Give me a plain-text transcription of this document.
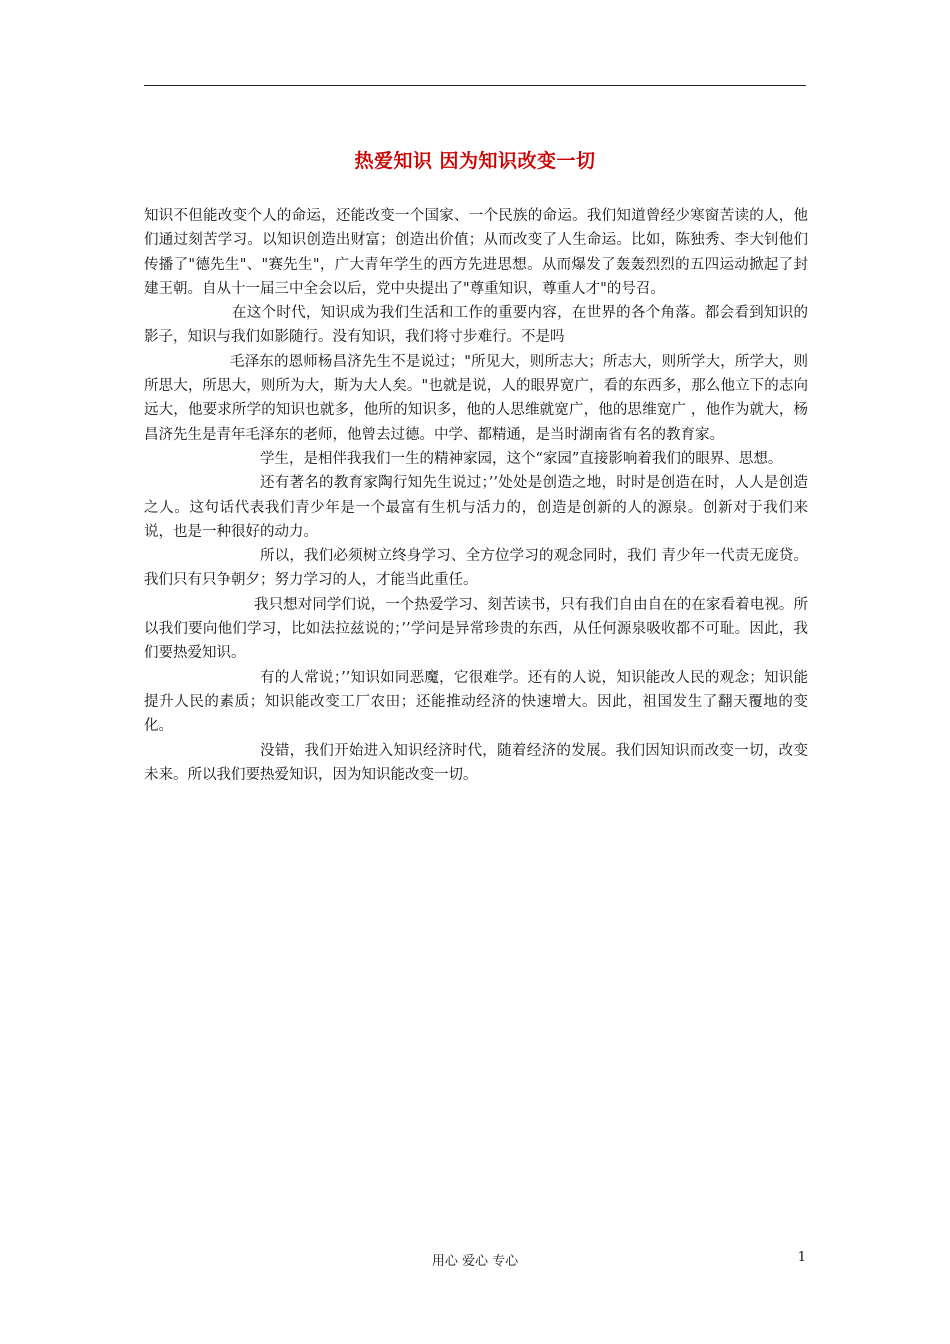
热爱知识 因为知识改变一切

知识不但能改变个人的命运，还能改变一个国家、一个民族的命运。我们知道曾经少寒窗苦读的人，他们通过刻苦学习。以知识创造出财富；创造出价值；从而改变了人生命运。比如，陈独秀、李大钊他们传播了"德先生"、"赛先生"，广大青年学生的西方先进思想。从而爆发了轰轰烈烈的五四运动掀起了封建王朝。自从十一届三中全会以后，党中央提出了"尊重知识，尊重人才"的号召。

在这个时代，知识成为我们生活和工作的重要内容，在世界的各个角落。都会看到知识的影子，知识与我们如影随行。没有知识，我们将寸步难行。不是吗

毛泽东的恩师杨昌济先生不是说过；"所见大，则所志大；所志大，则所学大，所学大，则所思大，所思大，则所为大，斯为大人矣。"也就是说，人的眼界宽广，看的东西多，那么他立下的志向远大，他要求所学的知识也就多，他所的知识多，他的人思维就宽广，他的思维宽广 ，他作为就大，杨昌济先生是青年毛泽东的老师，他曾去过德。中学、都精通，是当时湖南省有名的教育家。

学生，是相伴我我们一生的精神家园，这个“家园”直接影响着我们的眼界、思想。

还有著名的教育家陶行知先生说过；’’处处是创造之地，时时是创造在时，人人是创造之人。这句话代表我们青少年是一个最富有生机与活力的，创造是创新的人的源泉。创新对于我们来说，也是一种很好的动力。

所以，我们必须树立终身学习、全方位学习的观念同时，我们 青少年一代责无庞贷。我们只有只争朝夕；努力学习的人，才能当此重任。

我只想对同学们说，一个热爱学习、刻苦读书，只有我们自由自在的在家看着电视。所以我们要向他们学习，比如法拉兹说的；’’学问是异常珍贵的东西，从任何源泉吸收都不可耻。因此，我们要热爱知识。

有的人常说；’’知识如同恶魔，它很难学。还有的人说，知识能改人民的观念；知识能提升人民的素质；知识能改变工厂农田；还能推动经济的快速增大。因此，祖国发生了翻天覆地的变化。

没错，我们开始进入知识经济时代，随着经济的发展。我们因知识而改变一切，改变未来。所以我们要热爱知识，因为知识能改变一切。

用心 爱心 专心	1
